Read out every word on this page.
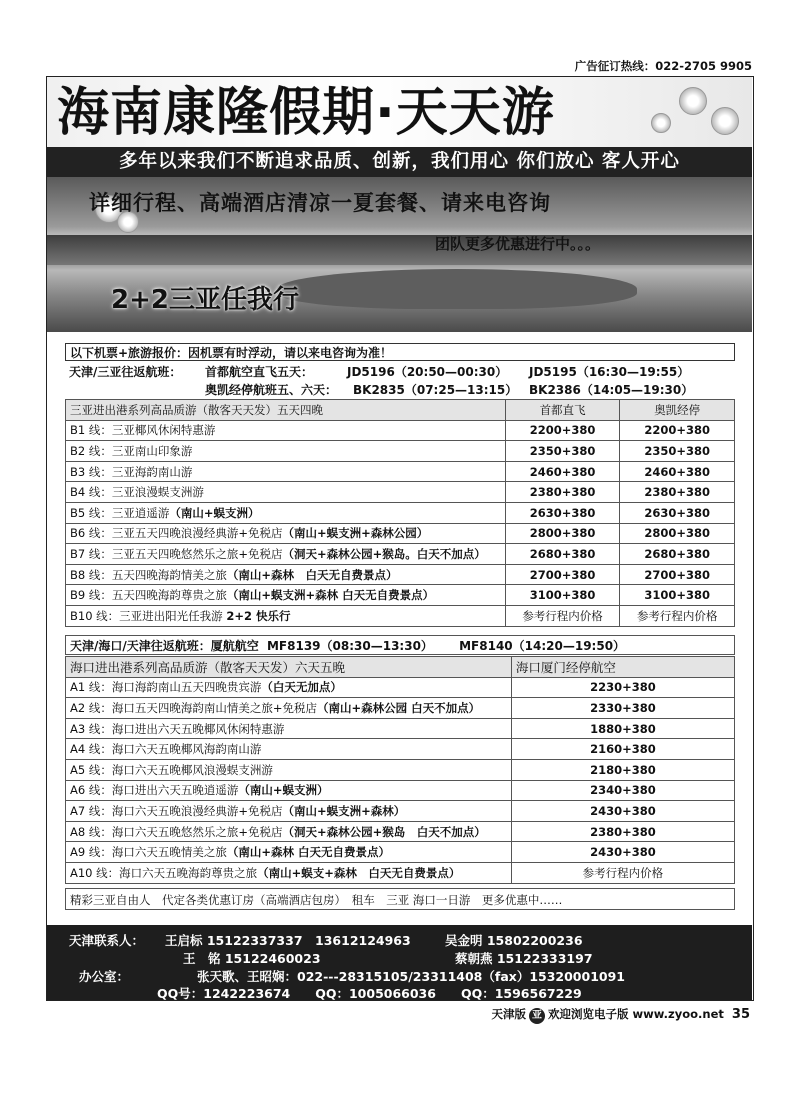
广告征订热线：022-2705 9905
海南康隆假期·天天游
多年以来我们不断追求品质、创新，我们用心 你们放心 客人开心
详细行程、高端酒店清凉一夏套餐、请来电咨询
团队更多优惠进行中。。。
2+2三亚任我行
以下机票+旅游报价：因机票有时浮动，请以来电咨询为准！
天津/三亚往返航班： 首都航空直飞五天：	JD5196（20:50—00:30） JD5195（16:30—19:55）
奥凯经停航班五、六天： BK2835（07:25—13:15） BK2386（14:05—19:30）
三亚进出港系列高品质游（散客天天发）五天四晚	首都直飞	奥凯经停
B1 线：三亚椰风休闲特惠游	2200+380	2200+380
B2 线：三亚南山印象游	2350+380	2350+380
B3 线：三亚海韵南山游	2460+380	2460+380
B4 线：三亚浪漫蜈支洲游	2380+380	2380+380
B5 线：三亚逍遥游（南山+蜈支洲）	2630+380	2630+380
B6 线：三亚五天四晚浪漫经典游+免税店（南山+蜈支洲+森林公园）	2800+380	2800+380
B7 线：三亚五天四晚悠然乐之旅+免税店（洞天+森林公园+猴岛。白天不加点）	2680+380	2680+380
B8 线：五天四晚海韵情美之旅（南山+森林　白天无自费景点）	2700+380	2700+380
B9 线：五天四晚海韵尊贵之旅（南山+蜈支洲+森林 白天无自费景点）	3100+380	3100+380
B10 线：三亚进出阳光任我游 2+2 快乐行	参考行程内价格	参考行程内价格
天津/海口/天津往返航班：厦航航空 MF8139（08:30—13:30） MF8140（14:20—19:50）
海口进出港系列高品质游（散客天天发）六天五晚	海口厦门经停航空
A1 线：海口海韵南山五天四晚贵宾游（白天无加点）	2230+380
A2 线：海口五天四晚海韵南山情美之旅+免税店（南山+森林公园 白天不加点）	2330+380
A3 线：海口进出六天五晚椰风休闲特惠游	1880+380
A4 线：海口六天五晚椰风海韵南山游	2160+380
A5 线：海口六天五晚椰风浪漫蜈支洲游	2180+380
A6 线：海口进出六天五晚逍遥游（南山+蜈支洲）	2340+380
A7 线：海口六天五晚浪漫经典游+免税店（南山+蜈支洲+森林）	2430+380
A8 线：海口六天五晚悠然乐之旅+免税店（洞天+森林公园+猴岛　白天不加点）	2380+380
A9 线：海口六天五晚情美之旅（南山+森林 白天无自费景点）	2430+380
A10 线：海口六天五晚海韵尊贵之旅（南山+蜈支+森林　白天无自费景点）	参考行程内价格
精彩三亚自由人　代定各类优惠订房（高端酒店包房）　租车　三亚 海口一日游　更多优惠中……
天津联系人： 王启标 15122337337　13612124963	吴金明 15802200236
王　铭 15122460023	蔡朝燕 15122333197
办公室：	张天歌、王昭娴：022---28315105/23311408（fax）15320001091
QQ号：1242223674　　QQ：1005066036　　QQ：1596567229
天津版 亚 欢迎浏览电子版 www.zyoo.net 35
